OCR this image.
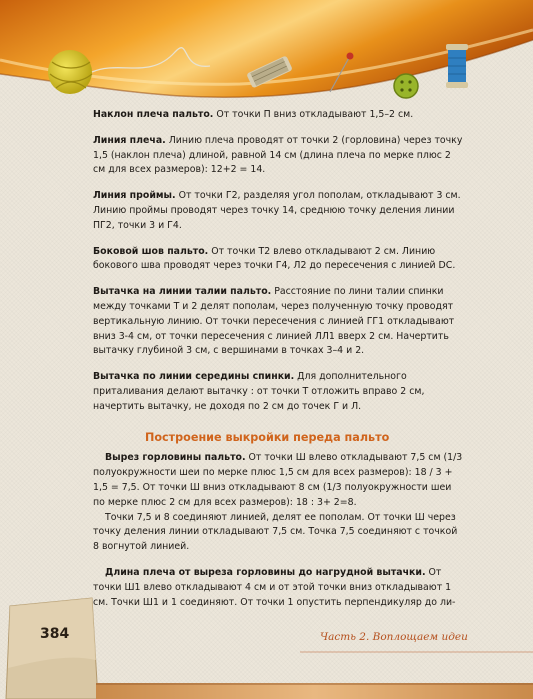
Наклон плеча пальто. От точки П вниз откладывают 1,5–2 см.

Линия плеча. Линию плеча проводят от точки 2 (горловина) через точку 1,5 (наклон плеча) длиной, равной 14 см (длина плеча по мерке плюс 2 см для всех размеров): 12+2 = 14.

Линия проймы. От точки Г2, разделяя угол пополам, откладывают 3 см. Линию проймы проводят через точку 14, среднюю точку деления линии ПГ2, точки 3 и Г4.

Боковой шов пальто. От точки Т2 влево откладывают 2 см. Линию бокового шва проводят через точки Г4, Л2 до пересечения с линией DC.

Вытачка на линии талии пальто. Расстояние по лини талии спинки между точками Т и 2 делят пополам, через полученную точку проводят вертикальную линию. От точки пересечения с линией ГГ1 откладывают вниз 3-4 см, от точки пересечения с линией ЛЛ1 вверх 2 см. Начертить вытачку глубиной 3 см, с вершинами в точках 3–4 и 2.

Вытачка по линии середины спинки. Для дополнительного приталивания делают вытачку : от точки Т отложить вправо 2 см, начертить вытачку, не доходя по 2 см до точек Г и Л.

Построение выкройки переда пальто

Вырез горловины пальто. От точки Ш влево откладывают 7,5 см (1/3 полуокружности шеи по мерке плюс 1,5 см для всех размеров): 18 / 3 + 1,5 = 7,5. От точки Ш вниз откладывают 8 см (1/3 полуокружности шеи по мерке плюс 2 см для всех размеров): 18 : 3+ 2=8.

Точки 7,5 и 8 соединяют линией, делят ее пополам. От точки Ш через точку деления линии откладывают 7,5 см. Точка 7,5 соединяют с точкой 8 вогнутой линией.

Длина плеча от выреза горловины до нагрудной вытачки. От точки Ш1 влево откладывают 4 см и от этой точки вниз откладывают 1 см. Точки Ш1 и 1 соединяют. От точки 1 опустить перпендикуляр до ли-

384	Часть 2. Воплощаем идеи
